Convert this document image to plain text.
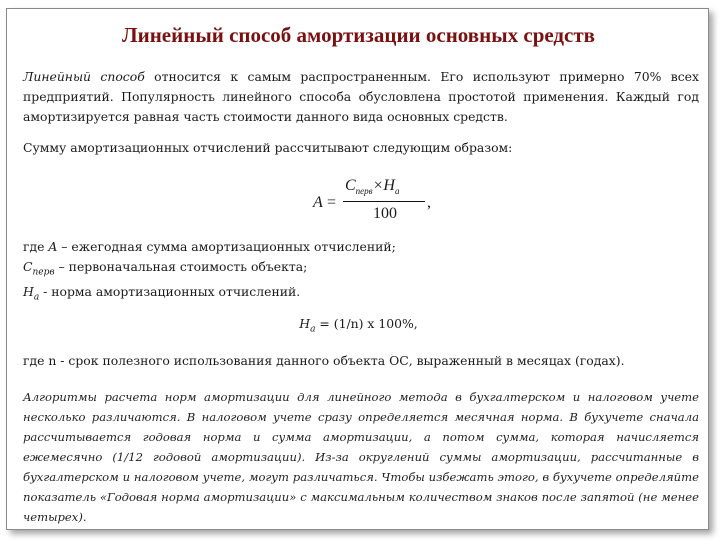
Линейный способ амортизации основных средств
Линейный способ относится к самым распространенным. Его используют примерно 70% всех предприятий. Популярность линейного способа обусловлена простотой применения. Каждый год амортизируется равная часть стоимости данного вида основных средств.
Сумму амортизационных отчислений рассчитывают следующим образом:
A =
$C_{перв}\times H_a$
100
,
где A – ежегодная сумма амортизационных отчислений;
$С_{перв}$ – первоначальная стоимость объекта;
$Н_а$ - норма амортизационных отчислений.
$Н_а = (1/n)$ х 100%,
где n - срок полезного использования данного объекта ОС, выраженный в месяцах (годах).
Алгоритмы расчета норм амортизации для линейного метода в бухгалтерском и налоговом учете несколько различаются. В налоговом учете сразу определяется месячная норма. В бухучете сначала рассчитывается годовая норма и сумма амортизации, а потом сумма, которая начисляется ежемесячно (1/12 годовой амортизации). Из-за округлений суммы амортизации, рассчитанные в бухгалтерском и налоговом учете, могут различаться. Чтобы избежать этого, в бухучете определяйте показатель «Годовая норма амортизации» с максимальным количеством знаков после запятой (не менее четырех).
